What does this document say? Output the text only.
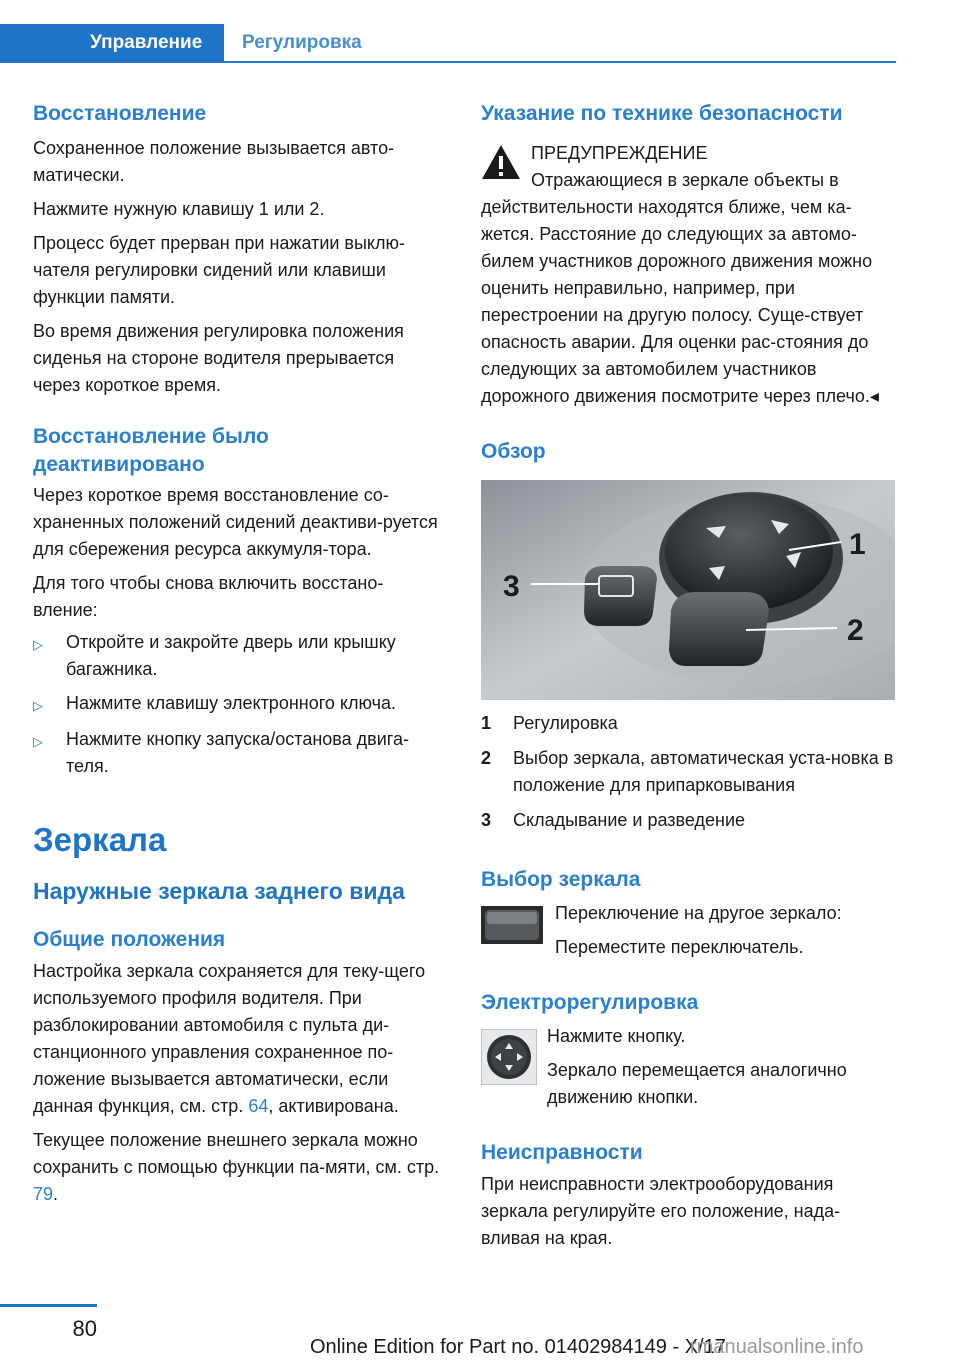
Управление	Регулировка
Восстановление
Сохраненное положение вызывается авто-матически.
Нажмите нужную клавишу 1 или 2.
Процесс будет прерван при нажатии выклю-чателя регулировки сидений или клавиши функции памяти.
Во время движения регулировка положения сиденья на стороне водителя прерывается через короткое время.
Восстановление было
деактивировано
Через короткое время восстановление со-храненных положений сидений деактиви-руется для сбережения ресурса аккумуля-тора.
Для того чтобы снова включить восстано-вление:
▷	Откройте и закройте дверь или крышку багажника.
▷	Нажмите клавишу электронного ключа.
▷	Нажмите кнопку запуска/останова двига-теля.
Зеркала
Наружные зеркала заднего вида
Общие положения
Настройка зеркала сохраняется для теку-щего используемого профиля водителя. При разблокировании автомобиля с пульта ди-станционного управления сохраненное по-ложение вызывается автоматически, если данная функция, см. стр. 64, активирована.
Текущее положение внешнего зеркала можно сохранить с помощью функции па-мяти, см. стр. 79.
Указание по технике безопасности
ПРЕДУПРЕЖДЕНИЕ
Отражающиеся в зеркале объекты в действительности находятся ближе, чем ка-жется. Расстояние до следующих за автомо-билем участников дорожного движения можно оценить неправильно, например, при перестроении на другую полосу. Суще-ствует опасность аварии. Для оценки рас-стояния до следующих за автомобилем участников дорожного движения посмотрите через плечо.◂
Обзор
1
2
3
1	Регулировка
2	Выбор зеркала, автоматическая уста-новка в положение для припарковывания
3	Складывание и разведение
Выбор зеркала
Переключение на другое зеркало:
Переместите переключатель.
Электрорегулировка
Нажмите кнопку.
Зеркало перемещается аналогично движению кнопки.
Неисправности
При неисправности электрооборудования зеркала регулируйте его положение, нада-вливая на края.
80
Online Edition for Part no. 01402984149 - X/17
rmanualsonline.info
